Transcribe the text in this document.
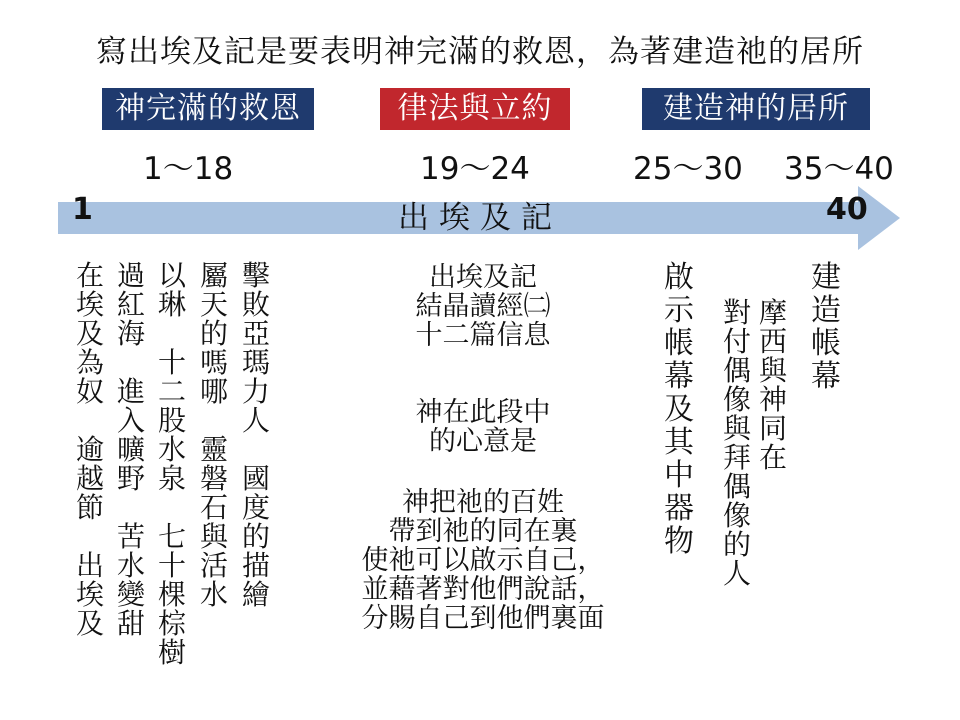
寫出埃及記是要表明神完滿的救恩，為著建造祂的居所
神完滿的救恩	律法與立約	建造神的居所
1～18	19～24	25～30 35～40
1	出埃及記	40
在
埃
及
為
奴

逾
越
節

出
埃
及
過
紅
海

進
入
曠
野

苦
水
變
甜
以
琳

十
二
股
水
泉

七
十
棵
棕
樹
屬
天
的
嗎
哪

靈
磐
石
與
活
水
擊
敗
亞
瑪
力
人

國
度
的
描
繪
出埃及記
結晶讀經㈡
十二篇信息
神在此段中
的心意是
神把祂的百姓
帶到祂的同在裏
使祂可以啟示自己，
並藉著對他們說話，
分賜自己到他們裏面
啟
示
帳
幕
及
其
中
器
物
對
付
偶
像
與
拜
偶
像
的
人
摩
西
與
神
同
在
建
造
帳
幕
